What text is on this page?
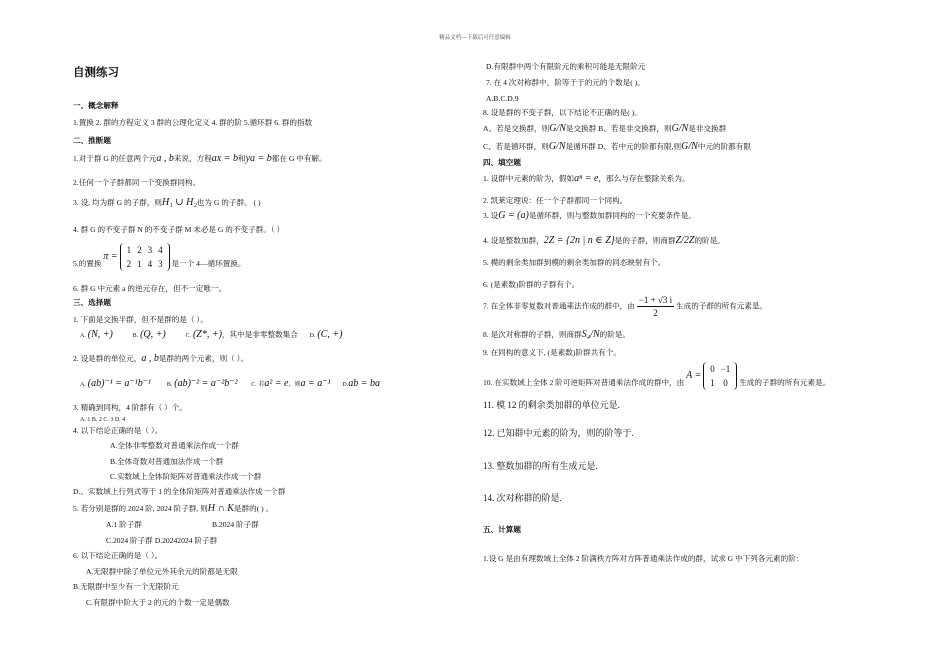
精品文档---下载后可任意编辑
自测练习
一、概念解释
1.置换 2. 群的方程定义 3 群的公理化定义 4. 群的阶 5.循环群 6. 群的指数
二、推断题
1.对于群 G 的任意两个元a , b来说，方程ax = b和ya = b都在 G 中有解。
2.任何一个子群都同一个变换群同构。
3. 设, 均为群 G 的子群，则H₁ ∪ H₂也为 G 的子群。 ( )
4. 群 G 的不变子群 N 的不变子群 M 未必是 G 的不变子群。（ ）
5.的置换 π =
1	2	3	4
2	1	4	3 是一个 4—循环置换。
6. 群 G 中元素 a 的逆元存在，但不一定唯一。
三、选择题
1. 下面是交换半群，但不是群的是（ ）。
A. (N, +)	B. (Q, +)	C. (Z*, +)，其中是非零整数集合 D. (C, +)
2. 设是群的单位元，a , b是群的两个元素，则（ ）。
A. (ab)⁻¹ = a⁻¹b⁻¹	B. (ab)⁻² = a⁻²b⁻² C. 若a² = e，则a = a⁻¹ D.ab = ba
3. 精确到同构，4 阶群有（ ）个。
A. 1 B. 2 C. 3 D. 4
4. 以下结论正确的是（ ）。
A.全体非零整数对普通乘法作成一个群
B.全体奇数对普通加法作成一个群
C.实数域上全体阶矩阵对普通乘法作成一个群
D.、实数域上行列式等于 1 的全体阶矩阵对普通乘法作成一个群
5. 若分别是群的 2024 阶, 2024 阶子群, 则H ∩ K是群的( ) 。
A.1 阶子群	B.2024 阶子群
C.2024 阶子群 D.20242024 阶子群
6. 以下结论正确的是（ ）。
A.无限群中除了单位元外其余元的阶都是无限
B.无限群中至少有一个无限阶元
C.有限群中阶大于 2 的元的个数一定是偶数
D.有限群中两个有限阶元的乘积可能是无限阶元
7. 在 4 次对称群中，阶等于于的元的个数是( )。
A.B.C.D.9
8. 设是群的不变子群，以下结论不正确的是( )。
A、若是交换群，则G/N是交换群 B、若是非交换群，则G/N是非交换群
C、若是循环群，则G/N是循环群 D、若中元的阶都有限,则G/N中元的阶都有限
四、填空题
1. 设群中元素的阶为，假如aⁿ = e，那么与存在整除关系为。
2. 凯莱定理说：任一个子群都同一个同构。
3. 设G = (a)是循环群，则与整数加群同构的一个充要条件是。
4. 设是整数加群，2Z = {2n | n ∈ Z}是的子群，则商群Z/2Z的阶是。
5. 模的剩余类加群到模的剩余类加群的同态映射有个。
6. (是素数)阶群的子群有个。
7. 在全体非零复数对普通乘法作成的群中，由 $\frac{-1 + √3 i}{2}$ 生成的子群的所有元素是。
8. 是次对称群的子群，则商群S₄/N的阶是。
9. 在同构的意义下, (是素数)阶群共有个。
10. 在实数域上全体 2 阶可逆矩阵对普通乘法作成的群中，由 A =
0	−1
1	0 生成的子群的所有元素是。
11. 模 12 的剩余类加群的单位元是.
12. 已知群中元素的阶为，则的阶等于.
13. 整数加群的所有生成元是.
14. 次对称群的阶是.
五、计算题
1.设 G 是由有理数域上全体 2 阶满秩方阵对方阵普通乘法作成的群，试求 G 中下列各元素的阶：
